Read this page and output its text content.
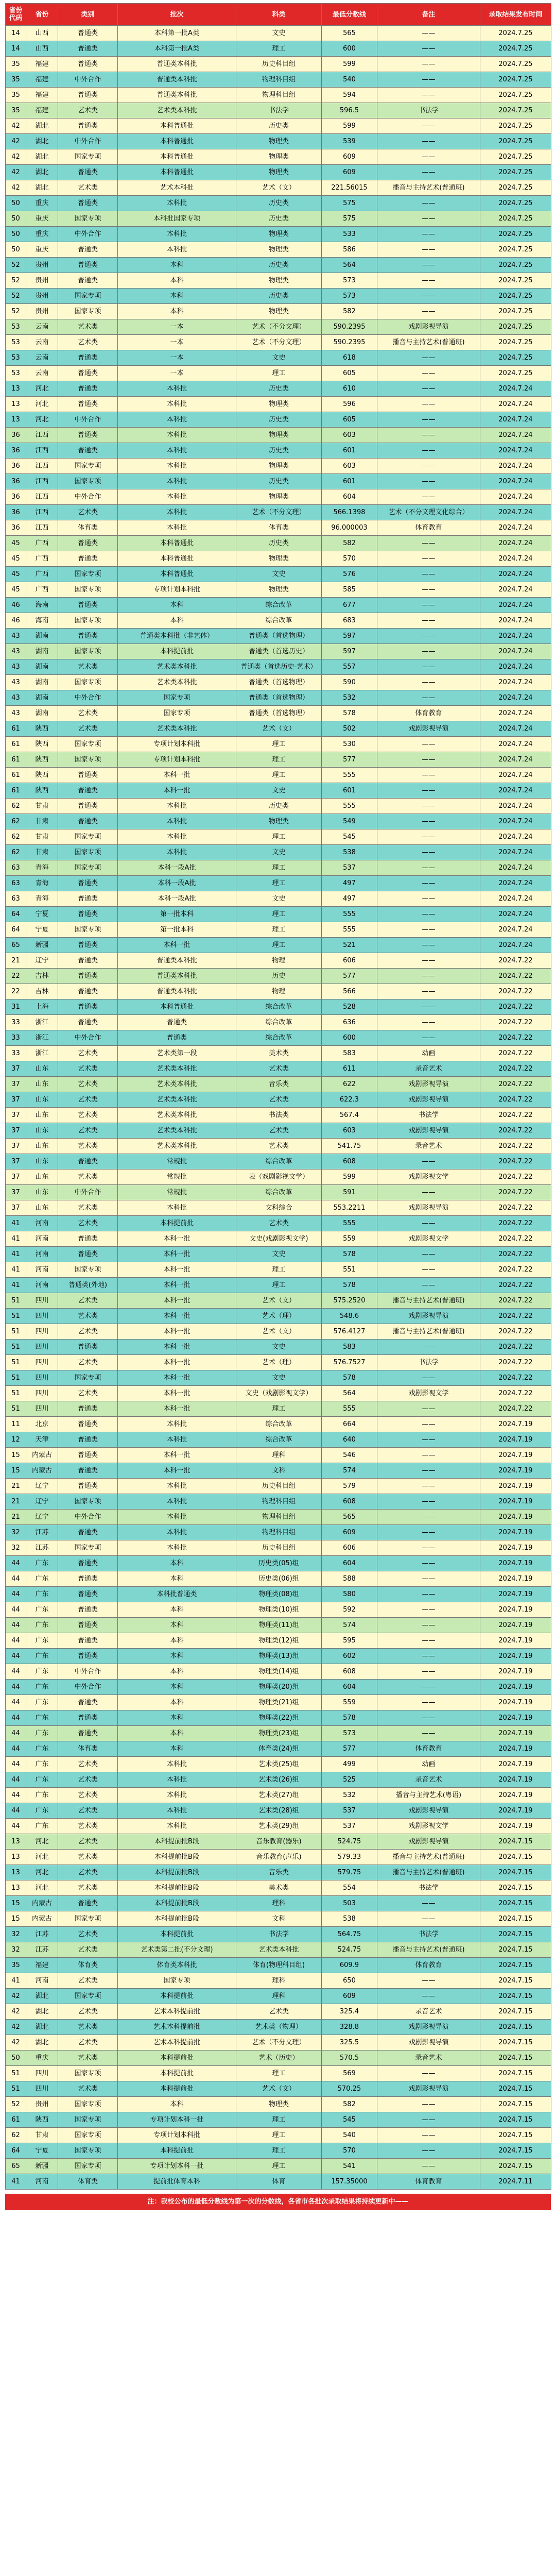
省份代码	省份	类别	批次	科类	最低分数线	备注	录取结果发布时间
14	山西	普通类	本科第一批A类	文史	565	——	2024.7.25
14	山西	普通类	本科第一批A类	理工	600	——	2024.7.25
35	福建	普通类	普通类本科批	历史科目组	599	——	2024.7.25
35	福建	中外合作	普通类本科批	物理科目组	540	——	2024.7.25
35	福建	普通类	普通类本科批	物理科目组	594	——	2024.7.25
35	福建	艺术类	艺术类本科批	书法学	596.5	书法学	2024.7.25
42	湖北	普通类	本科普通批	历史类	599	——	2024.7.25
42	湖北	中外合作	本科普通批	物理类	539	——	2024.7.25
42	湖北	国家专项	本科普通批	物理类	609	——	2024.7.25
42	湖北	普通类	本科普通批	物理类	609	——	2024.7.25
42	湖北	艺术类	艺术本科批	艺术（文）	221.56015	播音与主持艺术(普通班)	2024.7.25
50	重庆	普通类	本科批	历史类	575	——	2024.7.25
50	重庆	国家专项	本科批国家专项	历史类	575	——	2024.7.25
50	重庆	中外合作	本科批	物理类	533	——	2024.7.25
50	重庆	普通类	本科批	物理类	586	——	2024.7.25
52	贵州	普通类	本科	历史类	564	——	2024.7.25
52	贵州	普通类	本科	物理类	573	——	2024.7.25
52	贵州	国家专项	本科	历史类	573	——	2024.7.25
52	贵州	国家专项	本科	物理类	582	——	2024.7.25
53	云南	艺术类	一本	艺术（不分文理）	590.2395	戏剧影视导演	2024.7.25
53	云南	艺术类	一本	艺术（不分文理）	590.2395	播音与主持艺术(普通班)	2024.7.25
53	云南	普通类	一本	文史	618	——	2024.7.25
53	云南	普通类	一本	理工	605	——	2024.7.25
13	河北	普通类	本科批	历史类	610	——	2024.7.24
13	河北	普通类	本科批	物理类	596	——	2024.7.24
13	河北	中外合作	本科批	历史类	605	——	2024.7.24
36	江西	普通类	本科批	物理类	603	——	2024.7.24
36	江西	普通类	本科批	历史类	601	——	2024.7.24
36	江西	国家专项	本科批	物理类	603	——	2024.7.24
36	江西	国家专项	本科批	历史类	601	——	2024.7.24
36	江西	中外合作	本科批	物理类	604	——	2024.7.24
36	江西	艺术类	本科批	艺术（不分文理）	566.1398	艺术（不分文理文化综合）	2024.7.24
36	江西	体育类	本科批	体育类	96.000003	体育教育	2024.7.24
45	广西	普通类	本科普通批	历史类	582	——	2024.7.24
45	广西	普通类	本科普通批	物理类	570	——	2024.7.24
45	广西	国家专项	本科普通批	文史	576	——	2024.7.24
45	广西	国家专项	专项计划本科批	物理类	585	——	2024.7.24
46	海南	普通类	本科	综合改革	677	——	2024.7.24
46	海南	国家专项	本科	综合改革	683	——	2024.7.24
43	湖南	普通类	普通类本科批（非艺体）	普通类（首选物理）	597	——	2024.7.24
43	湖南	国家专项	本科提前批	普通类（首选历史）	597	——	2024.7.24
43	湖南	艺术类	艺术类本科批	普通类（首选历史-艺术）	557	——	2024.7.24
43	湖南	国家专项	艺术类本科批	普通类（首选物理）	590	——	2024.7.24
43	湖南	中外合作	国家专项	普通类（首选物理）	532	——	2024.7.24
43	湖南	艺术类	国家专项	普通类（首选物理）	578	体育教育	2024.7.24
61	陕西	艺术类	艺术类本科批	艺术（文）	502	戏剧影视导演	2024.7.24
61	陕西	国家专项	专项计划本科批	理工	530	——	2024.7.24
61	陕西	国家专项	专项计划本科批	理工	577	——	2024.7.24
61	陕西	普通类	本科一批	理工	555	——	2024.7.24
61	陕西	普通类	本科一批	文史	601	——	2024.7.24
62	甘肃	普通类	本科批	历史类	555	——	2024.7.24
62	甘肃	普通类	本科批	物理类	549	——	2024.7.24
62	甘肃	国家专项	本科批	理工	545	——	2024.7.24
62	甘肃	国家专项	本科批	文史	538	——	2024.7.24
63	青海	国家专项	本科一段A批	理工	537	——	2024.7.24
63	青海	普通类	本科一段A批	理工	497	——	2024.7.24
63	青海	普通类	本科一段A批	文史	497	——	2024.7.24
64	宁夏	普通类	第一批本科	理工	555	——	2024.7.24
64	宁夏	国家专项	第一批本科	理工	555	——	2024.7.24
65	新疆	普通类	本科一批	理工	521	——	2024.7.24
21	辽宁	普通类	普通类本科批	物理	606	——	2024.7.22
22	吉林	普通类	普通类本科批	历史	577	——	2024.7.22
22	吉林	普通类	普通类本科批	物理	566	——	2024.7.22
31	上海	普通类	本科普通批	综合改革	528	——	2024.7.22
33	浙江	普通类	普通类	综合改革	636	——	2024.7.22
33	浙江	中外合作	普通类	综合改革	600	——	2024.7.22
33	浙江	艺术类	艺术类第一段	美术类	583	动画	2024.7.22
37	山东	艺术类	艺术类本科批	艺术类	611	录音艺术	2024.7.22
37	山东	艺术类	艺术类本科批	音乐类	622	戏剧影视导演	2024.7.22
37	山东	艺术类	艺术类本科批	艺术类	622.3	戏剧影视导演	2024.7.22
37	山东	艺术类	艺术类本科批	书法类	567.4	书法学	2024.7.22
37	山东	艺术类	艺术类本科批	艺术类	603	戏剧影视导演	2024.7.22
37	山东	艺术类	艺术类本科批	艺术类	541.75	录音艺术	2024.7.22
37	山东	普通类	常规批	综合改革	608	——	2024.7.22
37	山东	艺术类	常规批	表（戏剧影视文学）	599	戏剧影视文学	2024.7.22
37	山东	中外合作	常规批	综合改革	591	——	2024.7.22
37	山东	艺术类	本科批	文科综合	553.2211	戏剧影视导演	2024.7.22
41	河南	艺术类	本科提前批	艺术类	555	——	2024.7.22
41	河南	普通类	本科一批	文史(戏剧影视文学)	559	戏剧影视文学	2024.7.22
41	河南	普通类	本科一批	文史	578	——	2024.7.22
41	河南	国家专项	本科一批	理工	551	——	2024.7.22
41	河南	普通类(外地)	本科一批	理工	578	——	2024.7.22
51	四川	艺术类	本科一批	艺术（文）	575.2520	播音与主持艺术(普通班)	2024.7.22
51	四川	艺术类	本科一批	艺术（理）	548.6	戏剧影视导演	2024.7.22
51	四川	艺术类	本科一批	艺术（文）	576.4127	播音与主持艺术(普通班)	2024.7.22
51	四川	普通类	本科一批	文史	583	——	2024.7.22
51	四川	艺术类	本科一批	艺术（理）	576.7527	书法学	2024.7.22
51	四川	国家专项	本科一批	文史	578	——	2024.7.22
51	四川	艺术类	本科一批	文史（戏剧影视文学）	564	戏剧影视文学	2024.7.22
51	四川	普通类	本科一批	理工	555	——	2024.7.22
11	北京	普通类	本科批	综合改革	664	——	2024.7.19
12	天津	普通类	本科批	综合改革	640	——	2024.7.19
15	内蒙古	普通类	本科一批	理科	546	——	2024.7.19
15	内蒙古	普通类	本科一批	文科	574	——	2024.7.19
21	辽宁	普通类	本科批	历史科目组	579	——	2024.7.19
21	辽宁	国家专项	本科批	物理科目组	608	——	2024.7.19
21	辽宁	中外合作	本科批	物理科目组	565	——	2024.7.19
32	江苏	普通类	本科批	物理科目组	609	——	2024.7.19
32	江苏	国家专项	本科批	历史科目组	606	——	2024.7.19
44	广东	普通类	本科	历史类(05)组	604	——	2024.7.19
44	广东	普通类	本科	历史类(06)组	588	——	2024.7.19
44	广东	普通类	本科批普通类	物理类(08)组	580	——	2024.7.19
44	广东	普通类	本科	物理类(10)组	592	——	2024.7.19
44	广东	普通类	本科	物理类(11)组	574	——	2024.7.19
44	广东	普通类	本科	物理类(12)组	595	——	2024.7.19
44	广东	普通类	本科	物理类(13)组	602	——	2024.7.19
44	广东	中外合作	本科	物理类(14)组	608	——	2024.7.19
44	广东	中外合作	本科	物理类(20)组	604	——	2024.7.19
44	广东	普通类	本科	物理类(21)组	559	——	2024.7.19
44	广东	普通类	本科	物理类(22)组	578	——	2024.7.19
44	广东	普通类	本科	物理类(23)组	573	——	2024.7.19
44	广东	体育类	本科	体育类(24)组	577	体育教育	2024.7.19
44	广东	艺术类	本科批	艺术类(25)组	499	动画	2024.7.19
44	广东	艺术类	本科批	艺术类(26)组	525	录音艺术	2024.7.19
44	广东	艺术类	本科批	艺术类(27)组	532	播音与主持艺术(粤语)	2024.7.19
44	广东	艺术类	本科批	艺术类(28)组	537	戏剧影视导演	2024.7.19
44	广东	艺术类	本科批	艺术类(29)组	537	戏剧影视文学	2024.7.19
13	河北	艺术类	本科提前批B段	音乐教育(器乐)	524.75	戏剧影视导演	2024.7.15
13	河北	艺术类	本科提前批B段	音乐教育(声乐)	579.33	播音与主持艺术(普通班)	2024.7.15
13	河北	艺术类	本科提前批B段	音乐类	579.75	播音与主持艺术(普通班)	2024.7.15
13	河北	艺术类	本科提前批B段	美术类	554	书法学	2024.7.15
15	内蒙古	普通类	本科提前批B段	理科	503	——	2024.7.15
15	内蒙古	国家专项	本科提前批B段	文科	538	——	2024.7.15
32	江苏	艺术类	本科提前批	书法学	564.75	书法学	2024.7.15
32	江苏	艺术类	艺术类第二批(不分文理)	艺术类本科批	524.75	播音与主持艺术(普通班)	2024.7.15
35	福建	体育类	体育类本科批	体育(物理科目组)	609.9	体育教育	2024.7.15
41	河南	艺术类	国家专项	理科	650	——	2024.7.15
42	湖北	国家专项	本科提前批	理科	609	——	2024.7.15
42	湖北	艺术类	艺术本科提前批	艺术类	325.4	录音艺术	2024.7.15
42	湖北	艺术类	艺术本科提前批	艺术类（物理）	328.8	戏剧影视导演	2024.7.15
42	湖北	艺术类	艺术本科提前批	艺术（不分文理）	325.5	戏剧影视导演	2024.7.15
50	重庆	艺术类	本科提前批	艺术（历史）	570.5	录音艺术	2024.7.15
51	四川	国家专项	本科提前批	理工	569	——	2024.7.15
51	四川	艺术类	本科提前批	艺术（文）	570.25	戏剧影视导演	2024.7.15
52	贵州	国家专项	本科	物理类	582	——	2024.7.15
61	陕西	国家专项	专项计划本科一批	理工	545	——	2024.7.15
62	甘肃	国家专项	专项计划本科批	理工	540	——	2024.7.15
64	宁夏	国家专项	本科提前批	理工	570	——	2024.7.15
65	新疆	国家专项	专项计划本科一批	理工	541	——	2024.7.15
41	河南	体育类	提前批体育本科	体育	157.35000	体育教育	2024.7.11
注：我校公布的最低分数线为第一次的分数线，各省市各批次录取结果将持续更新中——
